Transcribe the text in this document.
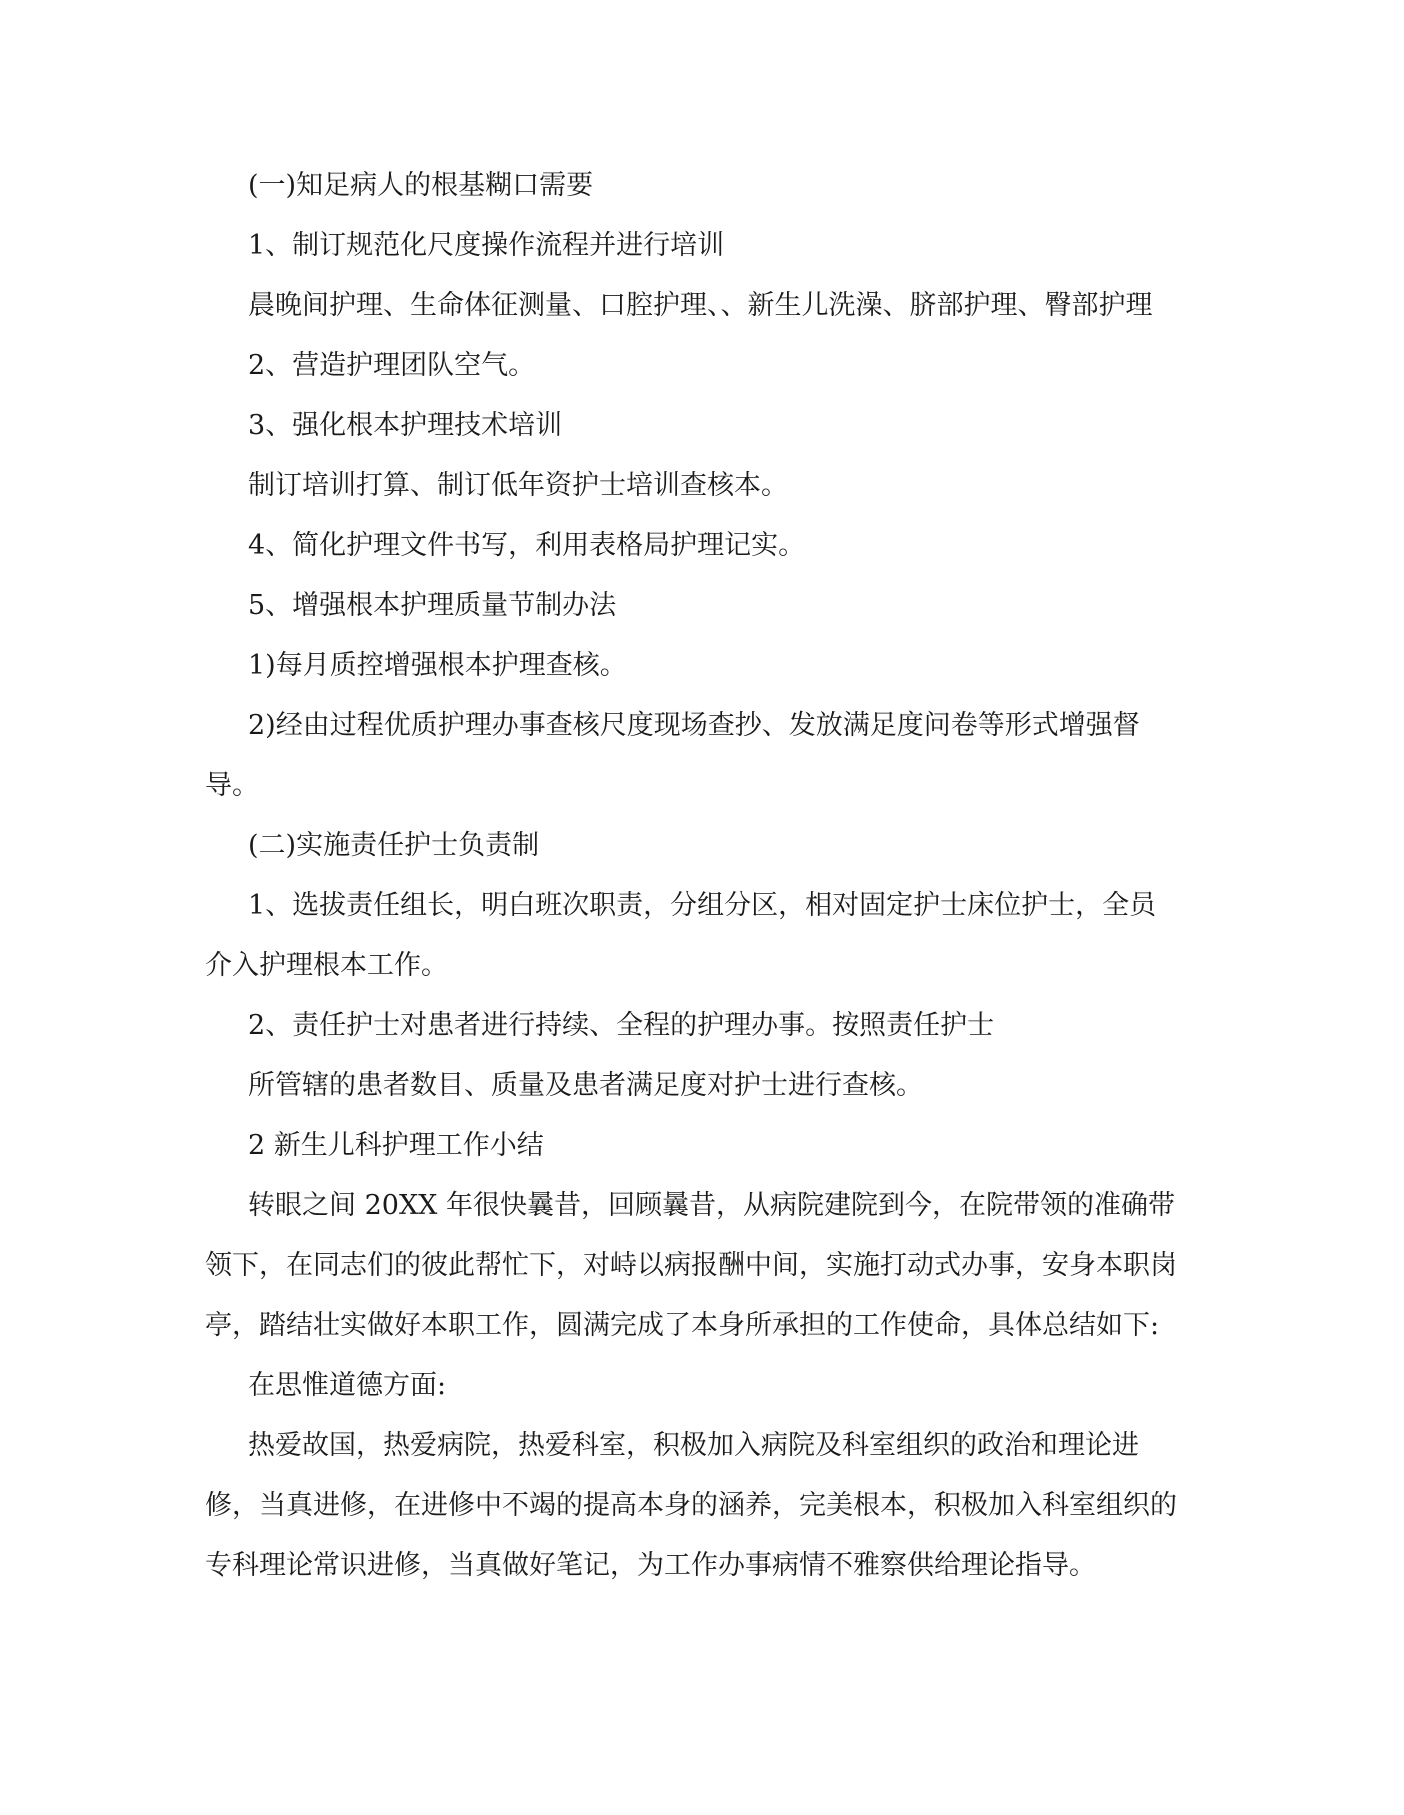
(一)知足病人的根基糊口需要
1、制订规范化尺度操作流程并进行培训
晨晚间护理、生命体征测量、口腔护理、、新生儿洗澡、脐部护理、臀部护理
2、营造护理团队空气。
3、强化根本护理技术培训
制订培训打算、制订低年资护士培训查核本。
4、简化护理文件书写，利用表格局护理记实。
5、增强根本护理质量节制办法
1)每月质控增强根本护理查核。
2)经由过程优质护理办事查核尺度现场查抄、发放满足度问卷等形式增强督
导。
(二)实施责任护士负责制
1、选拔责任组长，明白班次职责，分组分区，相对固定护士床位护士，全员
介入护理根本工作。
2、责任护士对患者进行持续、全程的护理办事。按照责任护士
所管辖的患者数目、质量及患者满足度对护士进行查核。
2 新生儿科护理工作小结
转眼之间 20XX 年很快曩昔，回顾曩昔，从病院建院到今，在院带领的准确带
领下，在同志们的彼此帮忙下，对峙以病报酬中间，实施打动式办事，安身本职岗
亭，踏结壮实做好本职工作，圆满完成了本身所承担的工作使命，具体总结如下:
在思惟道德方面:
热爱故国，热爱病院，热爱科室，积极加入病院及科室组织的政治和理论进
修，当真进修，在进修中不竭的提高本身的涵养，完美根本，积极加入科室组织的
专科理论常识进修，当真做好笔记，为工作办事病情不雅察供给理论指导。
